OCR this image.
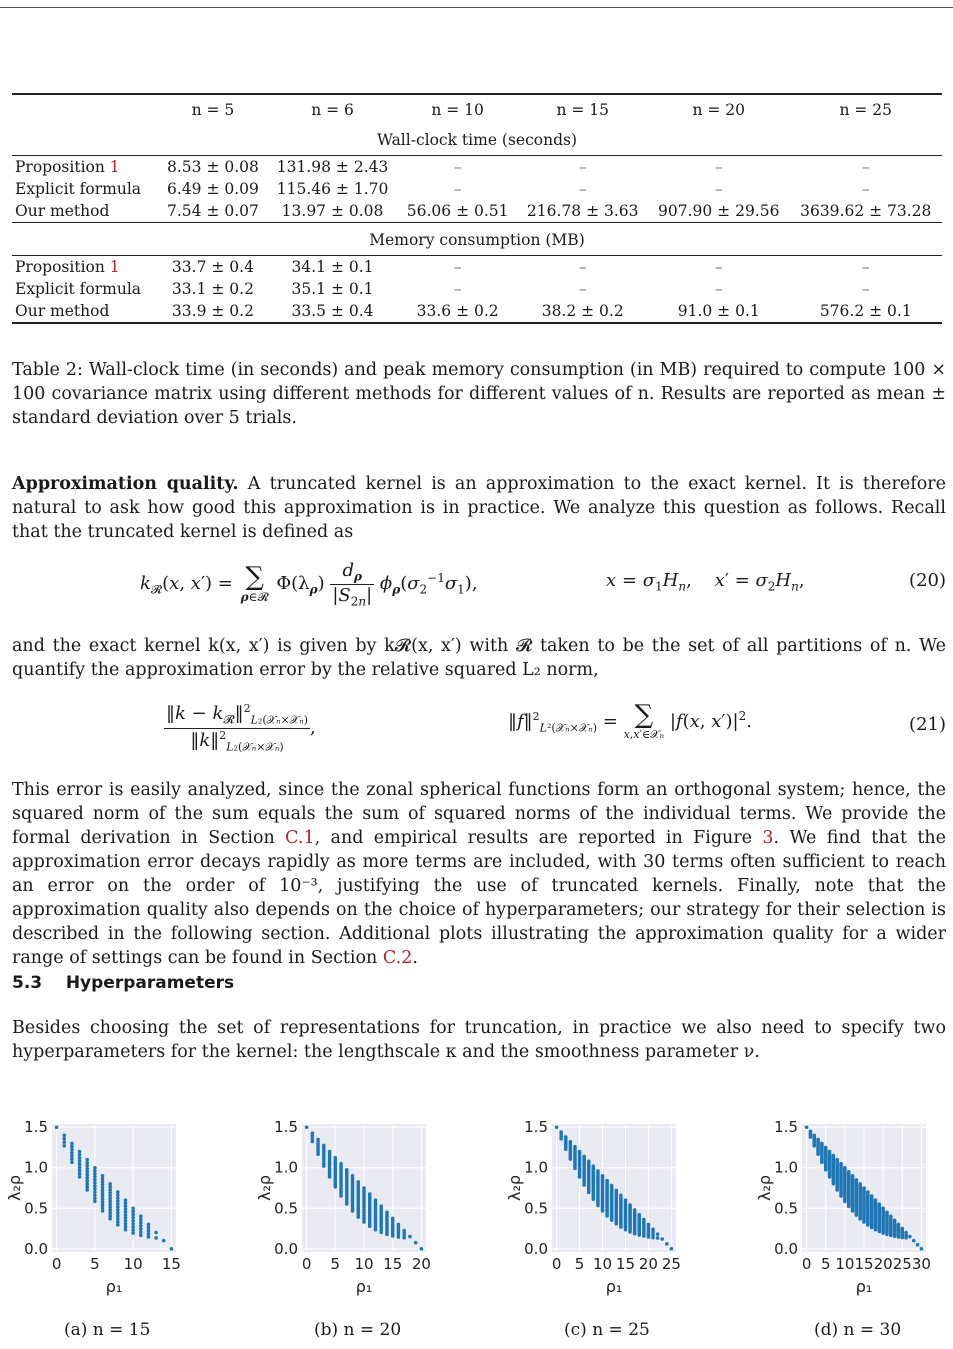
	n = 5	n = 6	n = 10	n = 15	n = 20	n = 25
Wall-clock time (seconds)						
Proposition 1	8.53 ± 0.08	131.98 ± 2.43	–	–	–	–
Explicit formula	6.49 ± 0.09	115.46 ± 1.70	–	–	–	–
Our method	7.54 ± 0.07	13.97 ± 0.08	56.06 ± 0.51	216.78 ± 3.63	907.90 ± 29.56	3639.62 ± 73.28
Memory consumption (MB)						
Proposition 1	33.7 ± 0.4	34.1 ± 0.1	–	–	–	–
Explicit formula	33.1 ± 0.2	35.1 ± 0.1	–	–	–	–
Our method	33.9 ± 0.2	33.5 ± 0.4	33.6 ± 0.2	38.2 ± 0.2	91.0 ± 0.1	576.2 ± 0.1
Table 2: Wall-clock time (in seconds) and peak memory consumption (in MB) required to compute 100 × 100 covariance matrix using different methods for different values of n. Results are reported as mean ± standard deviation over 5 trials.
Approximation quality. A truncated kernel is an approximation to the exact kernel. It is therefore natural to ask how good this approximation is in practice. We analyze this question as follows. Recall that the truncated kernel is defined as
$k_𝓡(x$, x′) = ∑
ρ∈𝓡
$\Phi(\lambda_\rho) \frac{d_\rho}{|S_{2n}|} \phi_\rho(\sigma_2^{-1}\sigma_1)$,	$x = \sigma_1H_n$,    $x' = \sigma_2H_n$,	(20)
and the exact kernel k(x, x′) is given by k𝓡(x, x′) with 𝓡 taken to be the set of all partitions of n. We quantify the approximation error by the relative squared L₂ norm,
$\frac{‖k - k_𝓡‖^2_{L_2(𝒳_n\times 𝒳_n)}}{‖k‖^2_{L_2(𝒳_n\times 𝒳_n)}}$ ,	‖f‖$^2_{L^2(𝒳_n\times 𝒳_n)}$ = ∑
x,x′∈𝒳ₙ
|f(x, $x')|^2$.	(21)
This error is easily analyzed, since the zonal spherical functions form an orthogonal system; hence, the squared norm of the sum equals the sum of squared norms of the individual terms. We provide the formal derivation in Section C.1, and empirical results are reported in Figure 3. We find that the approximation error decays rapidly as more terms are included, with 30 terms often sufficient to reach an error on the order of 10⁻³, justifying the use of truncated kernels. Finally, note that the approximation quality also depends on the choice of hyperparameters; our strategy for their selection is described in the following section. Additional plots illustrating the approximation quality for a wider range of settings can be found in Section C.2.
5.3 Hyperparameters
Besides choosing the set of representations for truncation, in practice we also need to specify two hyperparameters for the kernel: the lengthscale κ and the smoothness parameter ν.
0 5 10 15
0.0
0.5
1.0
1.5
ρ₁
λ₂ρ
(a) n = 15
0 5 10 15 20
0.0
0.5
1.0
1.5
ρ₁
λ₂ρ
(b) n = 20
0 5 10 15 20 25
0.0
0.5
1.0
1.5
ρ₁
λ₂ρ
(c) n = 25
0 5 10 15 20 25 30
0.0
0.5
1.0
1.5
ρ₁
λ₂ρ
(d) n = 30
